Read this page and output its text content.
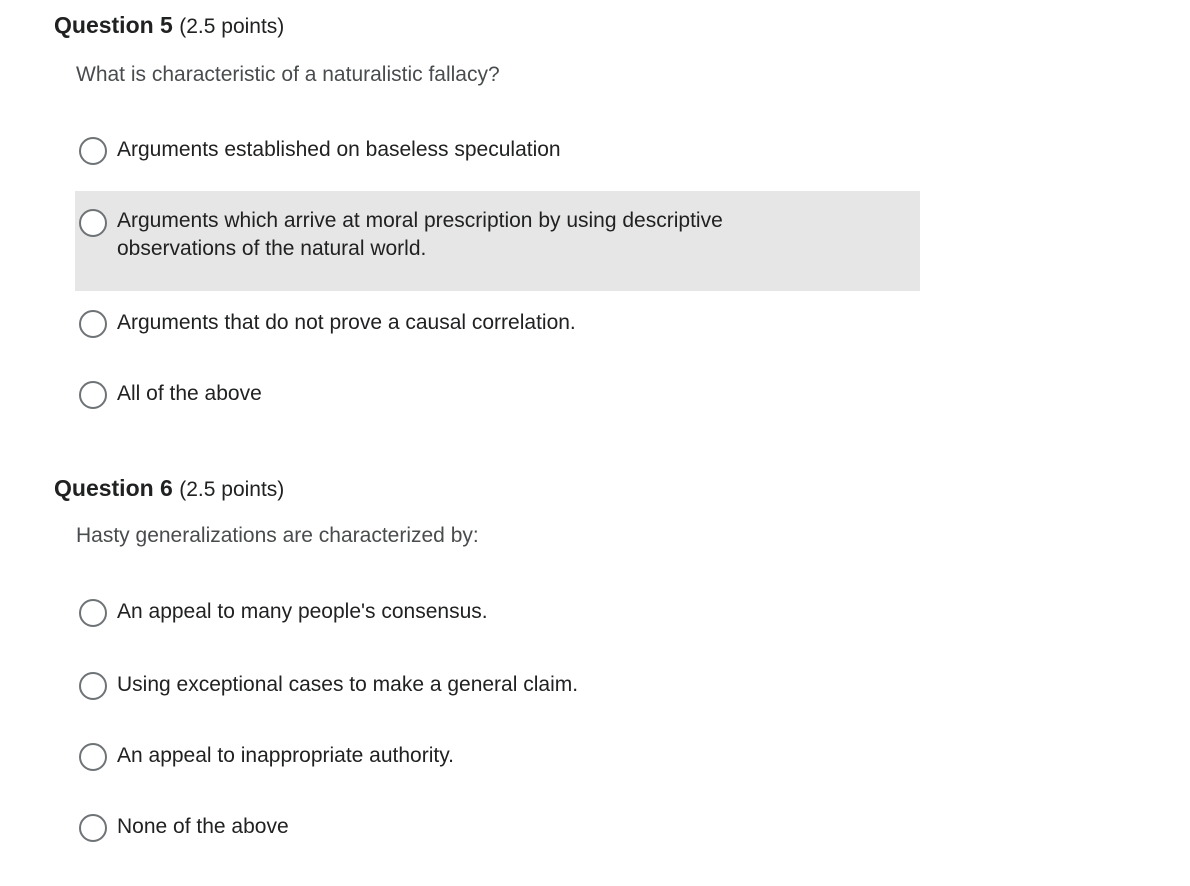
Question 5 (2.5 points)
What is characteristic of a naturalistic fallacy?
Arguments established on baseless speculation
Arguments which arrive at moral prescription by using descriptive observations of the natural world.
Arguments that do not prove a causal correlation.
All of the above
Question 6 (2.5 points)
Hasty generalizations are characterized by:
An appeal to many people's consensus.
Using exceptional cases to make a general claim.
An appeal to inappropriate authority.
None of the above
